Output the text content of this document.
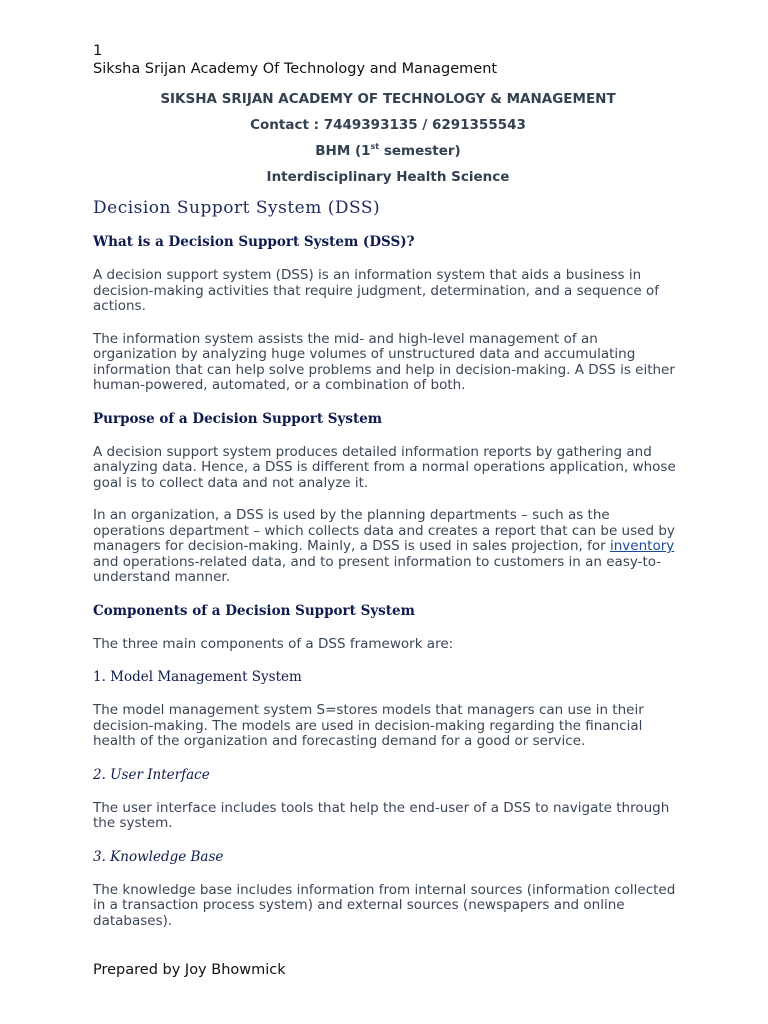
1
Siksha Srijan Academy Of Technology and Management
SIKSHA SRIJAN ACADEMY OF TECHNOLOGY & MANAGEMENT
Contact : 7449393135 / 6291355543
BHM (1st semester)
Interdisciplinary Health Science
Decision Support System (DSS)
What is a Decision Support System (DSS)?
A decision support system (DSS) is an information system that aids a business in decision-making activities that require judgment, determination, and a sequence of actions.
The information system assists the mid- and high-level management of an organization by analyzing huge volumes of unstructured data and accumulating information that can help solve problems and help in decision-making. A DSS is either human-powered, automated, or a combination of both.
Purpose of a Decision Support System
A decision support system produces detailed information reports by gathering and analyzing data. Hence, a DSS is different from a normal operations application, whose goal is to collect data and not analyze it.
In an organization, a DSS is used by the planning departments – such as the operations department – which collects data and creates a report that can be used by managers for decision-making. Mainly, a DSS is used in sales projection, for inventory and operations-related data, and to present information to customers in an easy-to-understand manner.
Components of a Decision Support System
The three main components of a DSS framework are:
1. Model Management System
The model management system S=stores models that managers can use in their decision-making. The models are used in decision-making regarding the financial health of the organization and forecasting demand for a good or service.
2. User Interface
The user interface includes tools that help the end-user of a DSS to navigate through the system.
3. Knowledge Base
The knowledge base includes information from internal sources (information collected in a transaction process system) and external sources (newspapers and online databases).
Prepared by Joy Bhowmick
